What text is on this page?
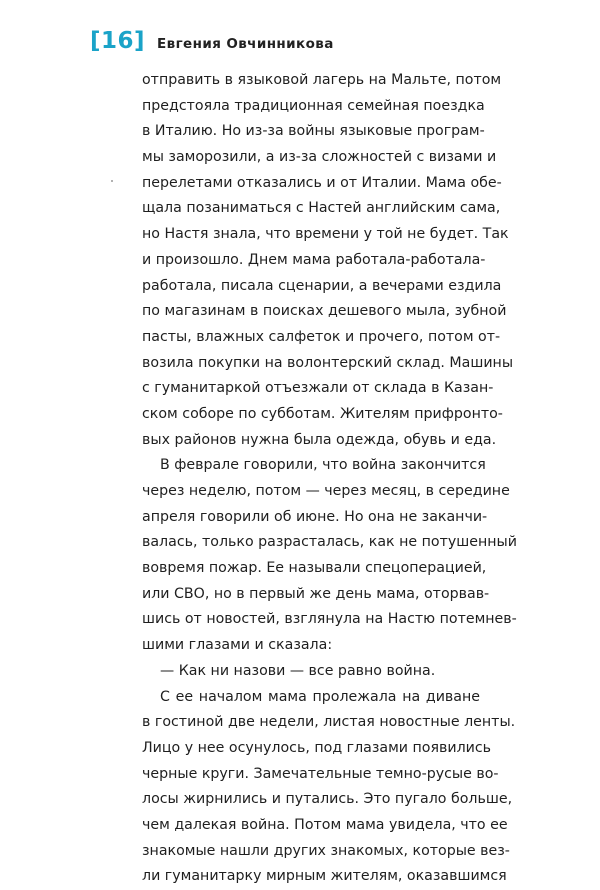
[16] Евгения Овчинникова
отправить в языковой лагерь на Мальте, потом
предстояла традиционная семейная поездка
в Италию. Но из-за войны языковые програм-
мы заморозили, а из-за сложностей с визами и
перелетами отказались и от Италии. Мама обе-
щала позаниматься с Настей английским сама,
но Настя знала, что времени у той не будет. Так
и произошло. Днем мама работала-работала-
работала, писала сценарии, а вечерами ездила
по магазинам в поисках дешевого мыла, зубной
пасты, влажных салфеток и прочего, потом от-
возила покупки на волонтерский склад. Машины
с гуманитаркой отъезжали от склада в Казан-
ском соборе по субботам. Жителям прифронто-
вых районов нужна была одежда, обувь и еда.
В феврале говорили, что война закончится
через неделю, потом — через месяц, в середине
апреля говорили об июне. Но она не заканчи-
валась, только разрасталась, как не потушенный
вовремя пожар. Ее называли спецоперацией,
или СВО, но в первый же день мама, оторвав-
шись от новостей, взглянула на Настю потемнев-
шими глазами и сказала:
— Как ни назови — все равно война.
С ее началом мама пролежала на диване
в гостиной две недели, листая новостные ленты.
Лицо у нее осунулось, под глазами появились
черные круги. Замечательные темно-русые во-
лосы жирнились и путались. Это пугало больше,
чем далекая война. Потом мама увидела, что ее
знакомые нашли других знакомых, которые вез-
ли гуманитарку мирным жителям, оказавшимся
